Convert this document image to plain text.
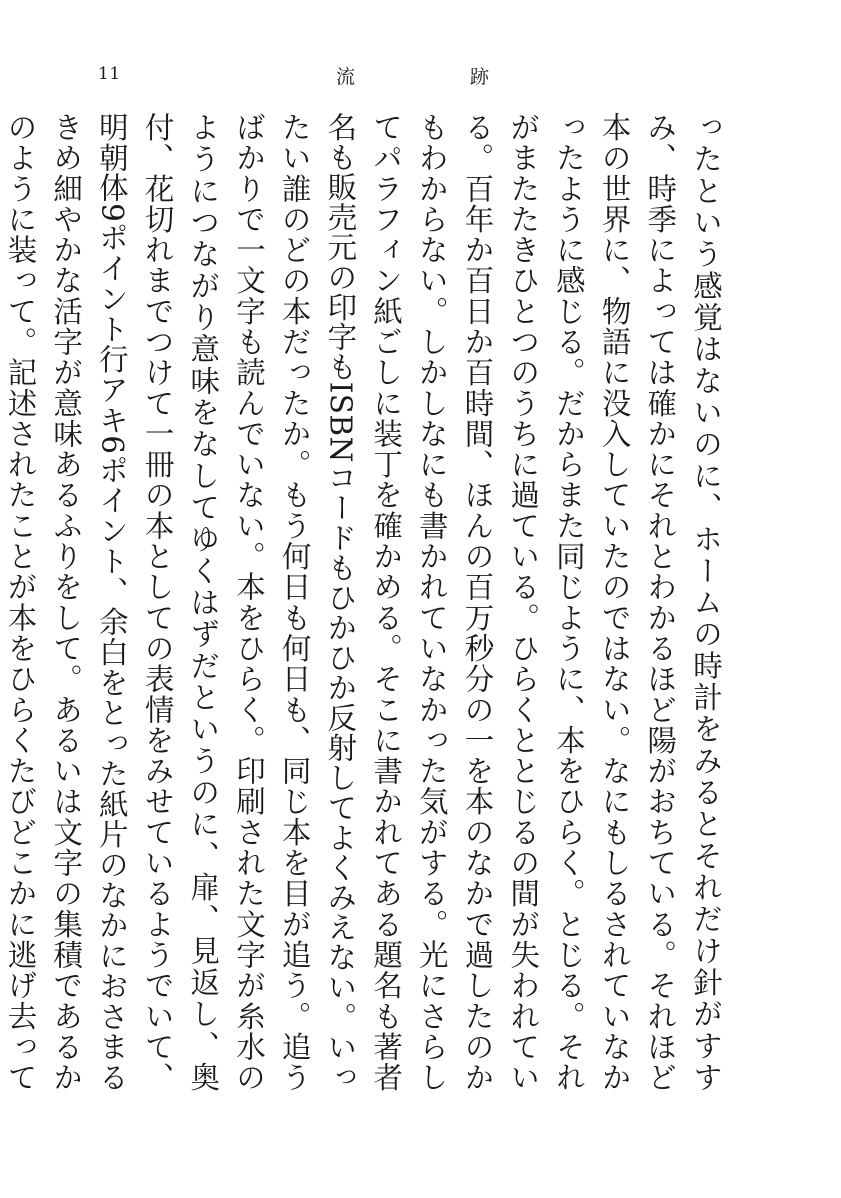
11	流	跡

ったという感覚はないのに、ホームの時計をみるとそれだけ針がすすみ、時季によっては確かにそれとわかるほど陽がおちている。それほど本の世界に、物語に没入していたのではない。なにもしるされていなかったように感じる。だからまた同じように、本をひらく。とじる。それがまたたきひとつのうちに過ている。ひらくととじるの間が失われている。百年か百日か百時間、ほんの百万秒分の一を本のなかで過したのかもわからない。しかしなにも書かれていなかった気がする。光にさらしてパラフィン紙ごしに装丁を確かめる。そこに書かれてある題名も著者名も販売元の印字もISBNコードもひかひか反射してよくみえない。いったい誰のどの本だったか。もう何日も何日も、同じ本を目が追う。追うばかりで一文字も読んでいない。本をひらく。印刷された文字が糸水のようにつながり意味をなしてゆくはずだというのに、扉、見返し、奥付、花切れまでつけて一冊の本としての表情をみせているようでいて、明朝体9ポイント行アキ6ポイント、余白をとった紙片のなかにおさまるきめ細やかな活字が意味あるふりをして。あるいは文字の集積であるかのように装って。記述されたことが本をひらくたびどこかに逃げ去って
